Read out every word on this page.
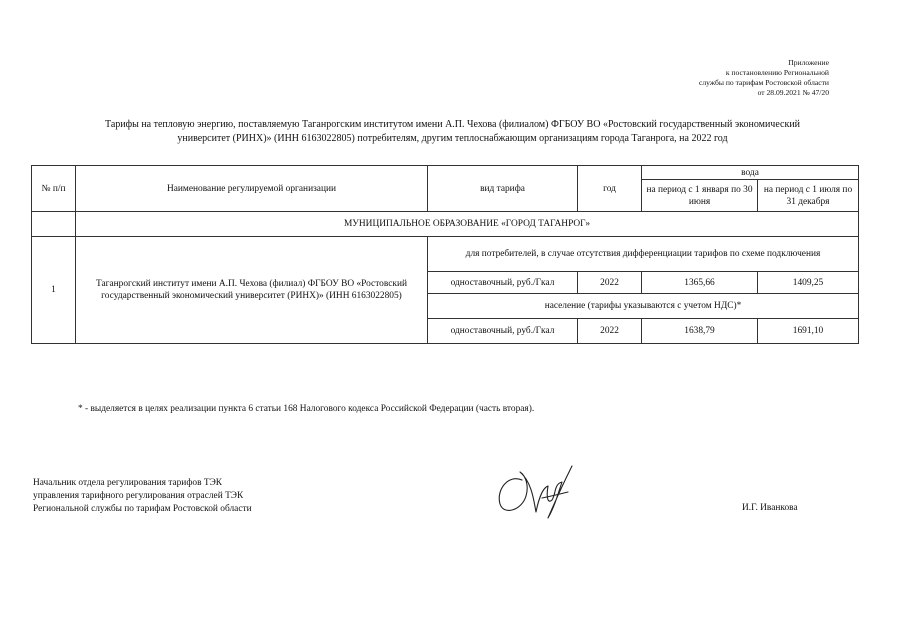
Приложение
к постановлению Региональной
службы по тарифам Ростовской области
от 28.09.2021 № 47/20
Тарифы на тепловую энергию, поставляемую Таганрогским институтом имени А.П. Чехова (филиалом) ФГБОУ ВО «Ростовский государственный экономический
университет (РИНХ)» (ИНН 6163022805) потребителям, другим теплоснабжающим организациям города Таганрога, на 2022 год
№ п/п	Наименование регулируемой организации	вид тарифа	год	вода	
				на период с 1 января по 30 июня	на период с 1 июля по 31 декабря
	МУНИЦИПАЛЬНОЕ ОБРАЗОВАНИЕ «ГОРОД ТАГАНРОГ»				
1	Таганрогский институт имени А.П. Чехова (филиал) ФГБОУ ВО «Ростовский государственный экономический университет (РИНХ)» (ИНН 6163022805)	для потребителей, в случае отсутствия дифференциации тарифов по схеме подключения			
		одноставочный, руб./Гкал	2022	1365,66	1409,25
		население (тарифы указываются с учетом НДС)*			
		одноставочный, руб./Гкал	2022	1638,79	1691,10
* - выделяется в целях реализации пункта 6 статьи 168 Налогового кодекса Российской Федерации (часть вторая).
Начальник отдела регулирования тарифов ТЭК
управления тарифного регулирования отраслей ТЭК
Региональной службы по тарифам Ростовской области	И.Г. Иванкова
